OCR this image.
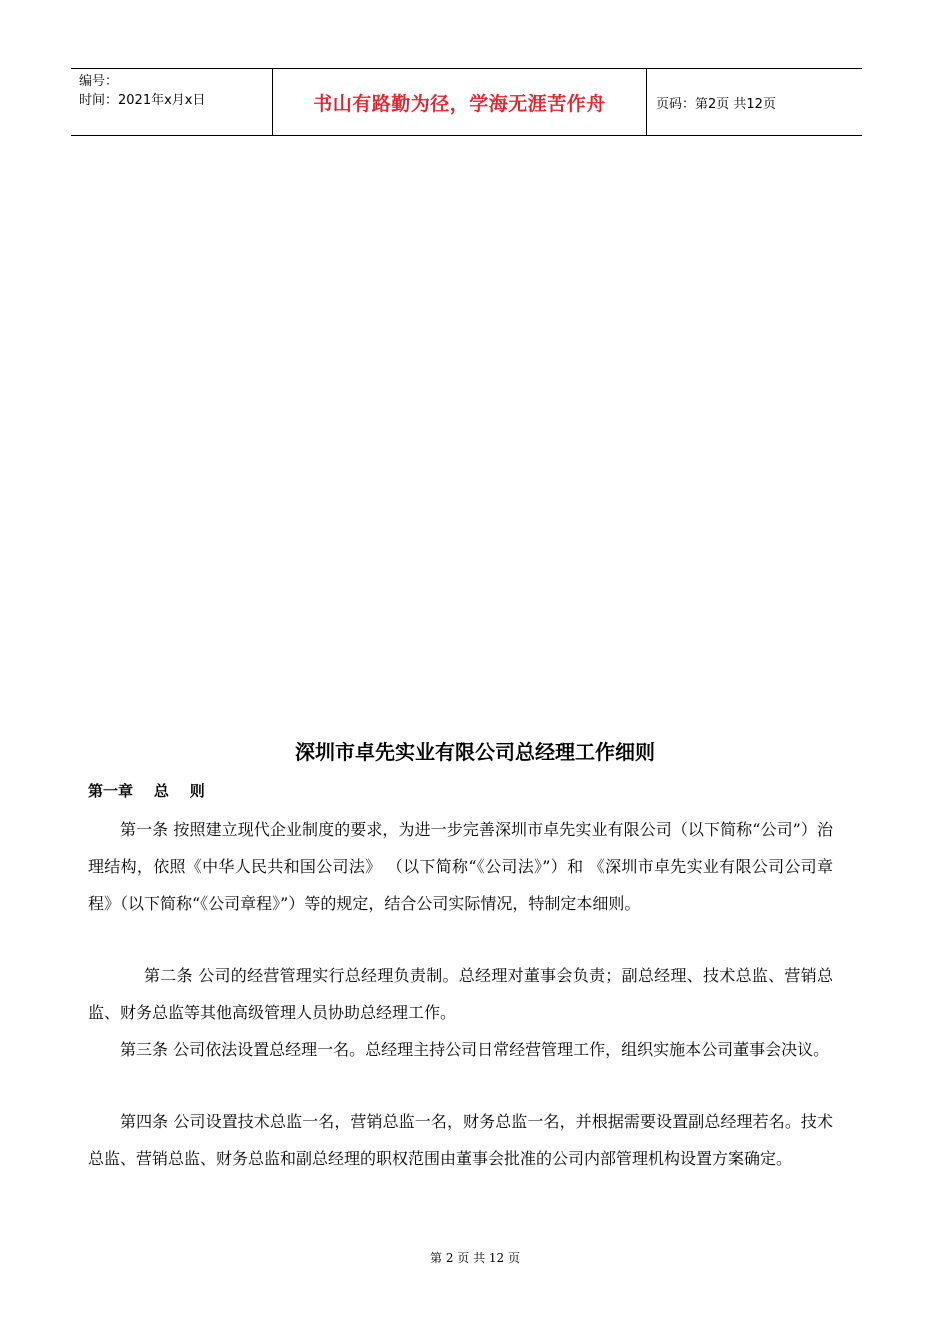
编号：
时间：2021年x月x日	书山有路勤为径，学海无涯苦作舟	页码：第2页 共12页
深圳市卓先实业有限公司总经理工作细则
第一章    总    则

第一条 按照建立现代企业制度的要求，为进一步完善深圳市卓先实业有限公司（以下简称“公司”）治理结构，依照《中华人民共和国公司法》 （以下简称“《公司法》”）和 《深圳市卓先实业有限公司公司章程》（以下简称“《公司章程》”）等的规定，结合公司实际情况，特制定本细则。

第二条 公司的经营管理实行总经理负责制。总经理对董事会负责；副总经理、技术总监、营销总监、财务总监等其他高级管理人员协助总经理工作。

第三条 公司依法设置总经理一名。总经理主持公司日常经营管理工作，组织实施本公司董事会决议。

第四条 公司设置技术总监一名，营销总监一名，财务总监一名，并根据需要设置副总经理若名。技术总监、营销总监、财务总监和副总经理的职权范围由董事会批准的公司内部管理机构设置方案确定。

第 2 页 共 12 页
